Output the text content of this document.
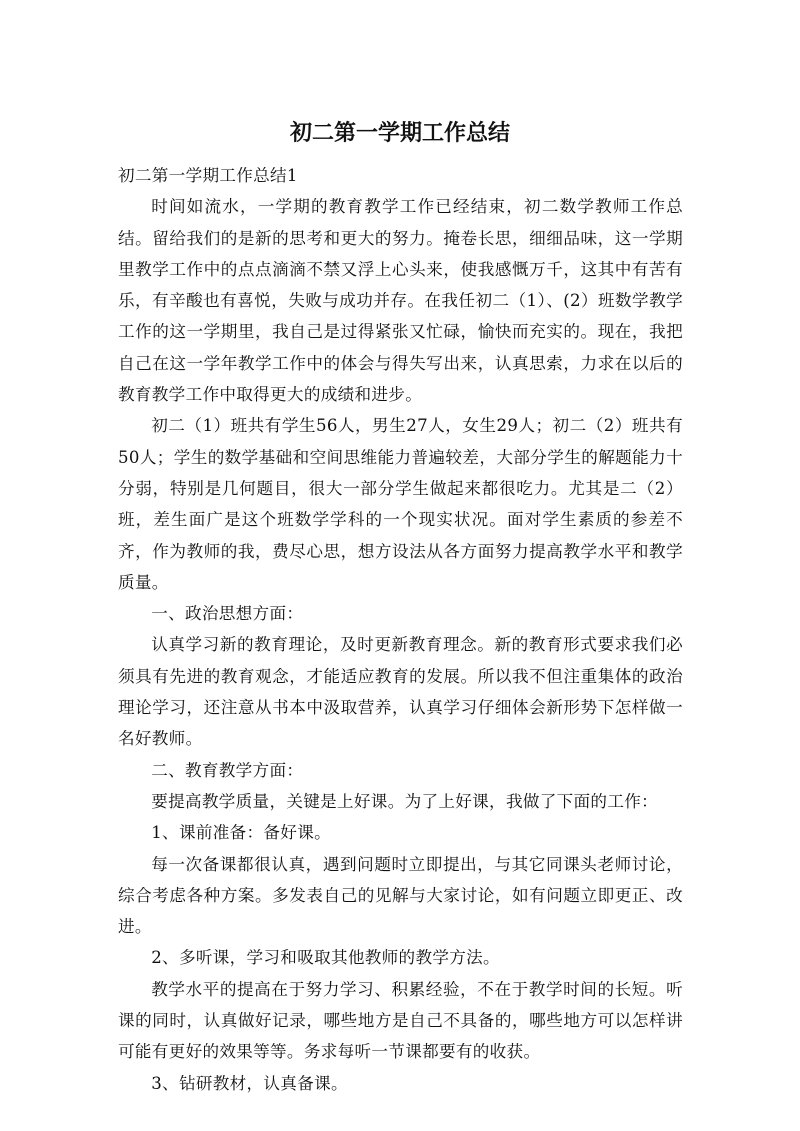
初二第一学期工作总结

初二第一学期工作总结1

时间如流水，一学期的教育教学工作已经结束，初二数学教师工作总结。留给我们的是新的思考和更大的努力。掩卷长思，细细品味，这一学期里教学工作中的点点滴滴不禁又浮上心头来，使我感慨万千，这其中有苦有乐，有辛酸也有喜悦，失败与成功并存。在我任初二（1）、(2）班数学教学工作的这一学期里，我自己是过得紧张又忙碌，愉快而充实的。现在，我把自己在这一学年教学工作中的体会与得失写出来，认真思索，力求在以后的教育教学工作中取得更大的成绩和进步。

初二（1）班共有学生56人，男生27人，女生29人；初二（2）班共有50人；学生的数学基础和空间思维能力普遍较差，大部分学生的解题能力十分弱，特别是几何题目，很大一部分学生做起来都很吃力。尤其是二（2）班，差生面广是这个班数学学科的一个现实状况。面对学生素质的参差不齐，作为教师的我，费尽心思，想方设法从各方面努力提高教学水平和教学质量。

一、政治思想方面：

认真学习新的教育理论，及时更新教育理念。新的教育形式要求我们必须具有先进的教育观念，才能适应教育的发展。所以我不但注重集体的政治理论学习，还注意从书本中汲取营养，认真学习仔细体会新形势下怎样做一名好教师。

二、教育教学方面：

要提高教学质量，关键是上好课。为了上好课，我做了下面的工作：

1、课前准备：备好课。

每一次备课都很认真，遇到问题时立即提出，与其它同课头老师讨论，综合考虑各种方案。多发表自己的见解与大家讨论，如有问题立即更正、改进。

2、多听课，学习和吸取其他教师的教学方法。

教学水平的提高在于努力学习、积累经验，不在于教学时间的长短。听课的同时，认真做好记录，哪些地方是自己不具备的，哪些地方可以怎样讲可能有更好的效果等等。务求每听一节课都要有的收获。

3、钻研教材，认真备课。
